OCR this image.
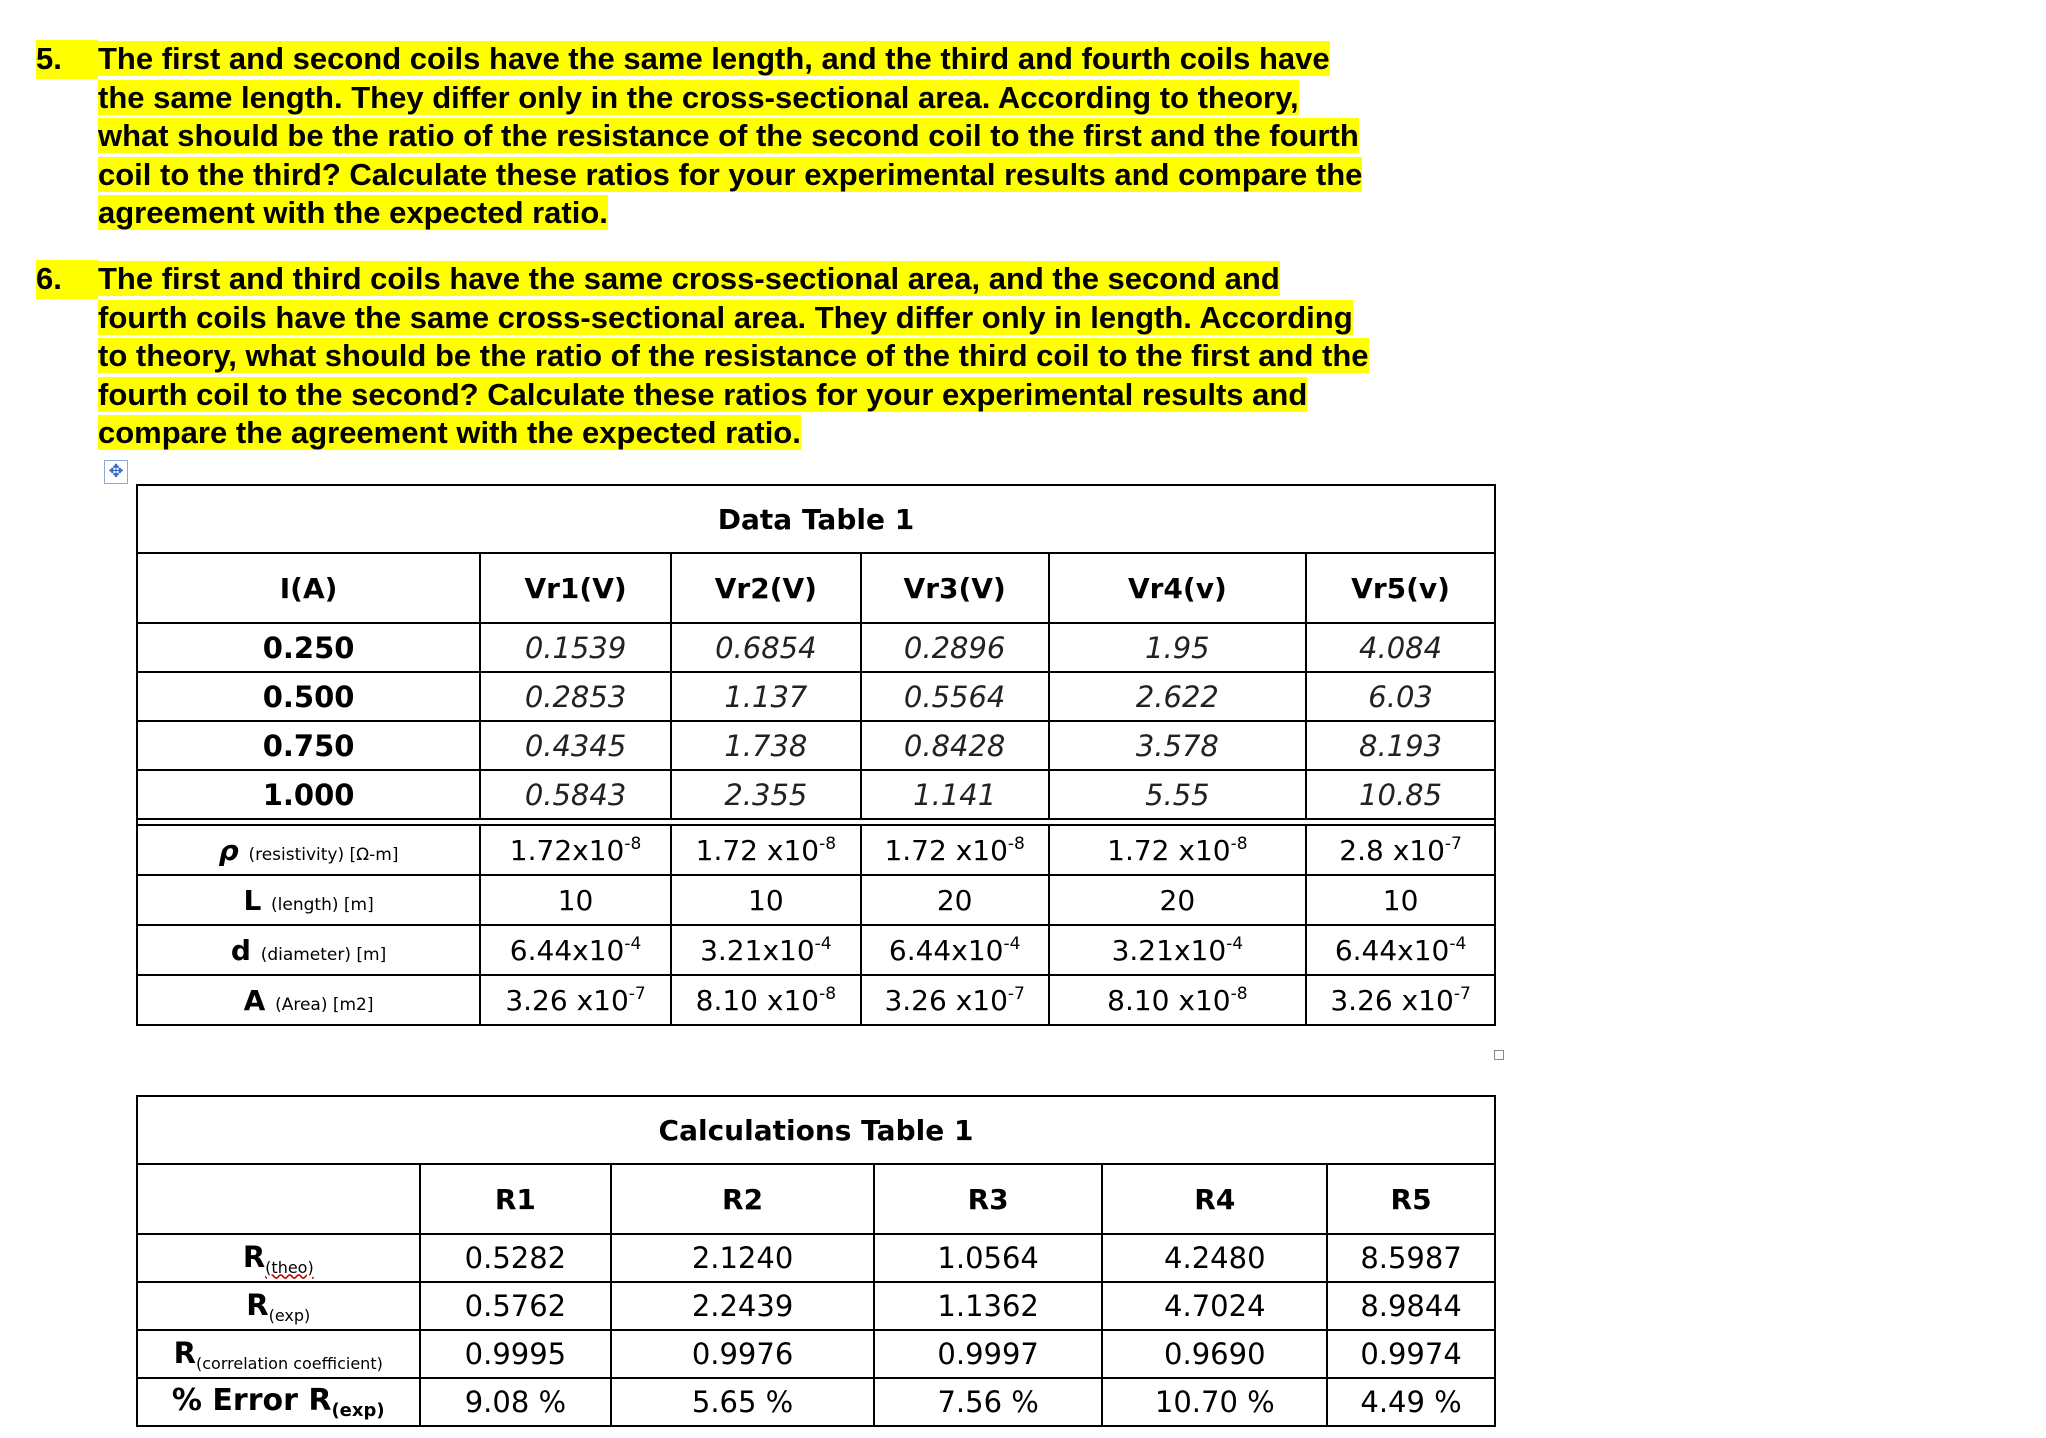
5. The first and second coils have the same length, and the third and fourth coils have
the same length. They differ only in the cross-sectional area. According to theory,
what should be the ratio of the resistance of the second coil to the first and the fourth
coil to the third? Calculate these ratios for your experimental results and compare the
agreement with the expected ratio.
6. The first and third coils have the same cross-sectional area, and the second and
fourth coils have the same cross-sectional area. They differ only in length. According
to theory, what should be the ratio of the resistance of the third coil to the first and the
fourth coil to the second? Calculate these ratios for your experimental results and
compare the agreement with the expected ratio.
✥
Data Table 1					
I(A)	Vr1(V)	Vr2(V)	Vr3(V)	Vr4(v)	Vr5(v)
0.250	0.1539	0.6854	0.2896	1.95	4.084
0.500	0.2853	1.137	0.5564	2.622	6.03
0.750	0.4345	1.738	0.8428	3.578	8.193
1.000	0.5843	2.355	1.141	5.55	10.85

ρ (resistivity) [Ω-m]	$1.72x10^{-8}$	1.72 $x10^{-8}$	1.72 $x10^{-8}$	1.72 $x10^{-8}$	2.8 $x10^{-7}$
L (length) [m]	10	10	20	20	10
d (diameter) [m]	$6.44x10^{-4}$	$3.21x10^{-4}$	$6.44x10^{-4}$	$3.21x10^{-4}$	$6.44x10^{-4}$
A (Area) [m2]	3.26 $x10^{-7}$	8.10 $x10^{-8}$	3.26 $x10^{-7}$	8.10 $x10^{-8}$	3.26 $x10^{-7}$
Calculations Table 1					
	R1	R2	R3	R4	R5
$R_{(theo)}$	0.5282	2.1240	1.0564	4.2480	8.5987
$R_{(exp)}$	0.5762	2.2439	1.1362	4.7024	8.9844
$R_{(correlation coefficient)}$	0.9995	0.9976	0.9997	0.9690	0.9974
% Error $R_{(exp)}$	9.08 %	5.65 %	7.56 %	10.70 %	4.49 %
